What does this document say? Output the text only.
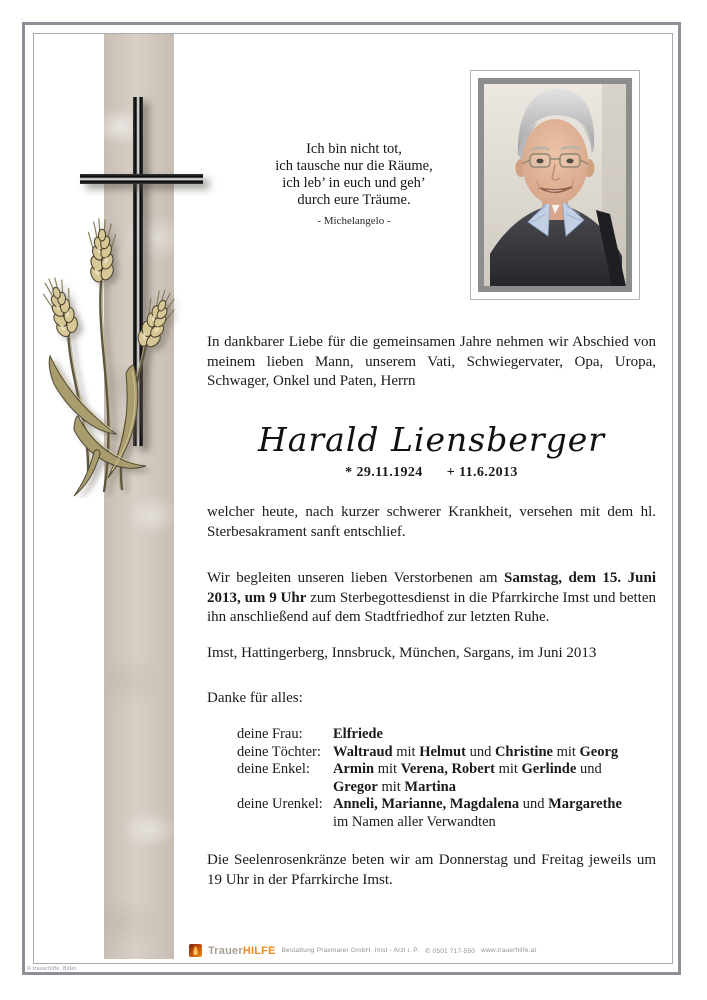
Ich bin nicht tot,
ich tausche nur die Räume,
ich leb’ in euch und geh’
durch eure Träume.
- Michelangelo -
In dankbarer Liebe für die gemeinsamen Jahre nehmen wir Abschied von meinem lieben Mann, unserem Vati, Schwiegervater, Opa, Uropa, Schwager, Onkel und Paten, Herrn
Harald Liensberger
* 29.11.1924 + 11.6.2013
welcher heute, nach kurzer schwerer Krankheit, versehen mit dem hl. Sterbesakrament sanft entschlief.
Wir begleiten unseren lieben Verstorbenen am Samstag, dem 15. Juni 2013, um 9 Uhr zum Sterbegottesdienst in die Pfarrkirche Imst und betten ihn anschließend auf dem Stadtfriedhof zur letzten Ruhe.
Imst, Hattingerberg, Innsbruck, München, Sargans, im Juni 2013
Danke für alles:
deine Frau:	Elfriede
deine Töchter: Waltraud mit Helmut und Christine mit Georg
deine Enkel:	Armin mit Verena, Robert mit Gerlinde und
Gregor mit Martina
deine Urenkel: Anneli, Marianne, Magdalena und Margarethe
im Namen aller Verwandten
Die Seelenrosenkränze beten wir am Donnerstag und Freitag jeweils um 19 Uhr in der Pfarrkirche Imst.
TrauerHILFE Bestattung Praxmarer GmbH, Imst - Arzl i. P. ✆ 0501 717-550 www.trauerhilfe.at
© trauerhilfe. Billet
